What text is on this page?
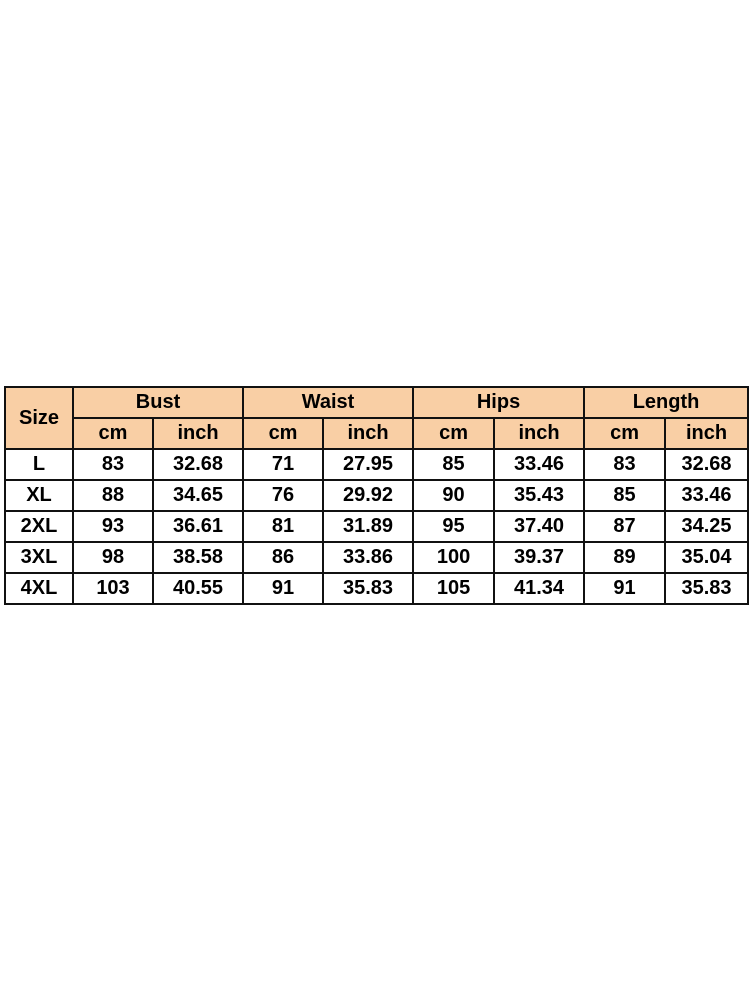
Size	Bust		Waist		Hips		Length	
	cm	inch	cm	inch	cm	inch	cm	inch
L	83	32.68	71	27.95	85	33.46	83	32.68
XL	88	34.65	76	29.92	90	35.43	85	33.46
2XL	93	36.61	81	31.89	95	37.40	87	34.25
3XL	98	38.58	86	33.86	100	39.37	89	35.04
4XL	103	40.55	91	35.83	105	41.34	91	35.83
